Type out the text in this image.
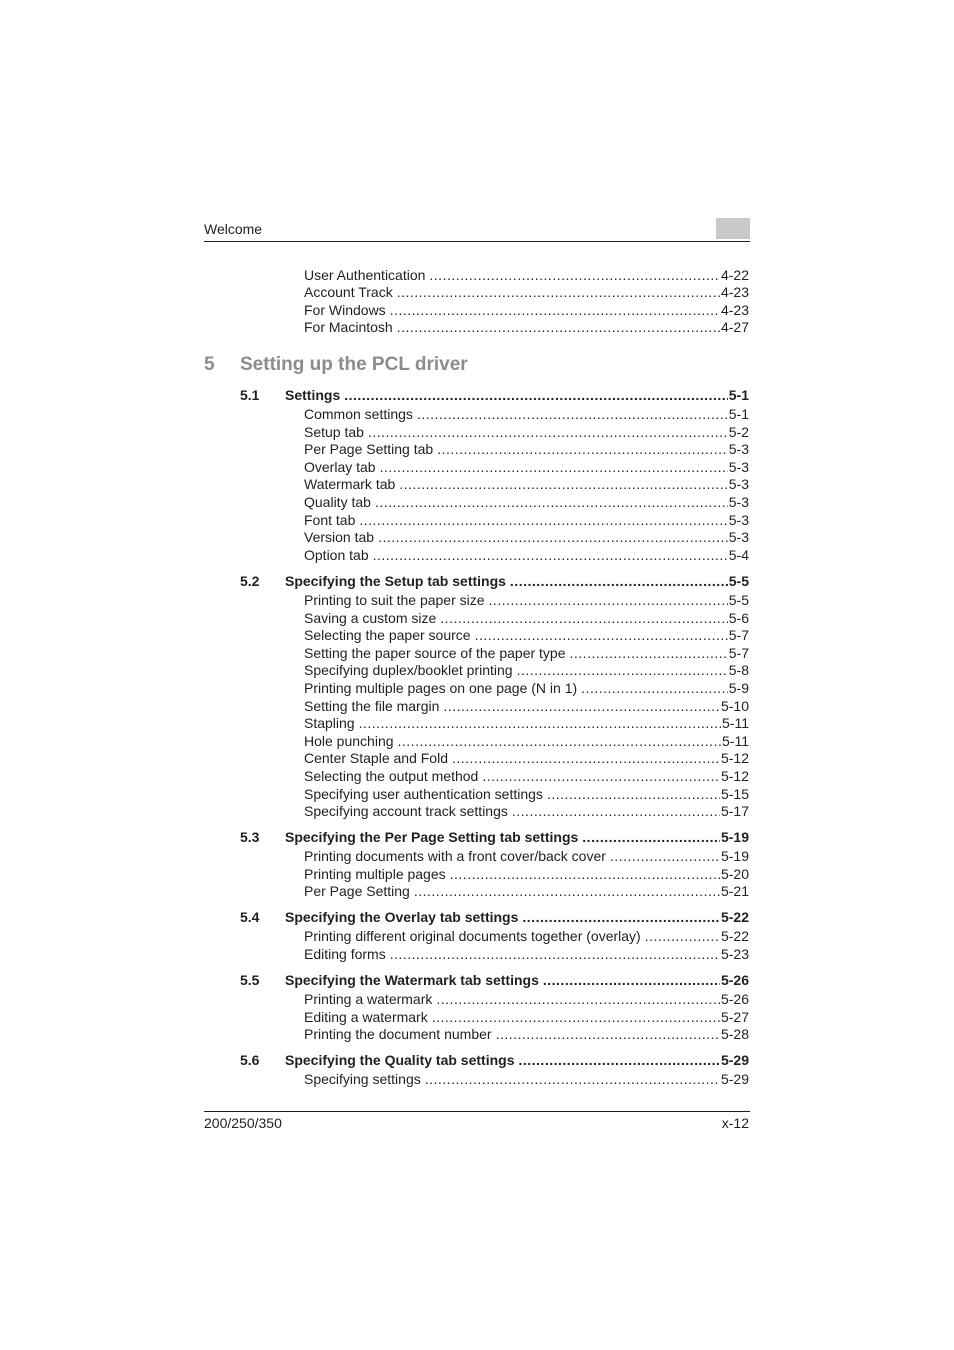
Welcome
User Authentication .....	4-22
Account Track .....	4-23
For Windows .....	4-23
For Macintosh .....	4-27
5	Setting up the PCL driver
5.1	Settings .....	5-1
Common settings .....	5-1
Setup tab .....	5-2
Per Page Setting tab .....	5-3
Overlay tab .....	5-3
Watermark tab .....	5-3
Quality tab .....	5-3
Font tab .....	5-3
Version tab .....	5-3
Option tab .....	5-4
5.2	Specifying the Setup tab settings .....	5-5
Printing to suit the paper size .....	5-5
Saving a custom size .....	5-6
Selecting the paper source .....	5-7
Setting the paper source of the paper type .....	5-7
Specifying duplex/booklet printing .....	5-8
Printing multiple pages on one page (N in 1) .....	5-9
Setting the file margin .....	5-10
Stapling .....	5-11
Hole punching .....	5-11
Center Staple and Fold .....	5-12
Selecting the output method .....	5-12
Specifying user authentication settings .....	5-15
Specifying account track settings .....	5-17
5.3	Specifying the Per Page Setting tab settings .....	5-19
Printing documents with a front cover/back cover .....	5-19
Printing multiple pages .....	5-20
Per Page Setting .....	5-21
5.4	Specifying the Overlay tab settings .....	5-22
Printing different original documents together (overlay) .....	5-22
Editing forms .....	5-23
5.5	Specifying the Watermark tab settings .....	5-26
Printing a watermark .....	5-26
Editing a watermark .....	5-27
Printing the document number .....	5-28
5.6	Specifying the Quality tab settings .....	5-29
Specifying settings .....	5-29
200/250/350	x-12
